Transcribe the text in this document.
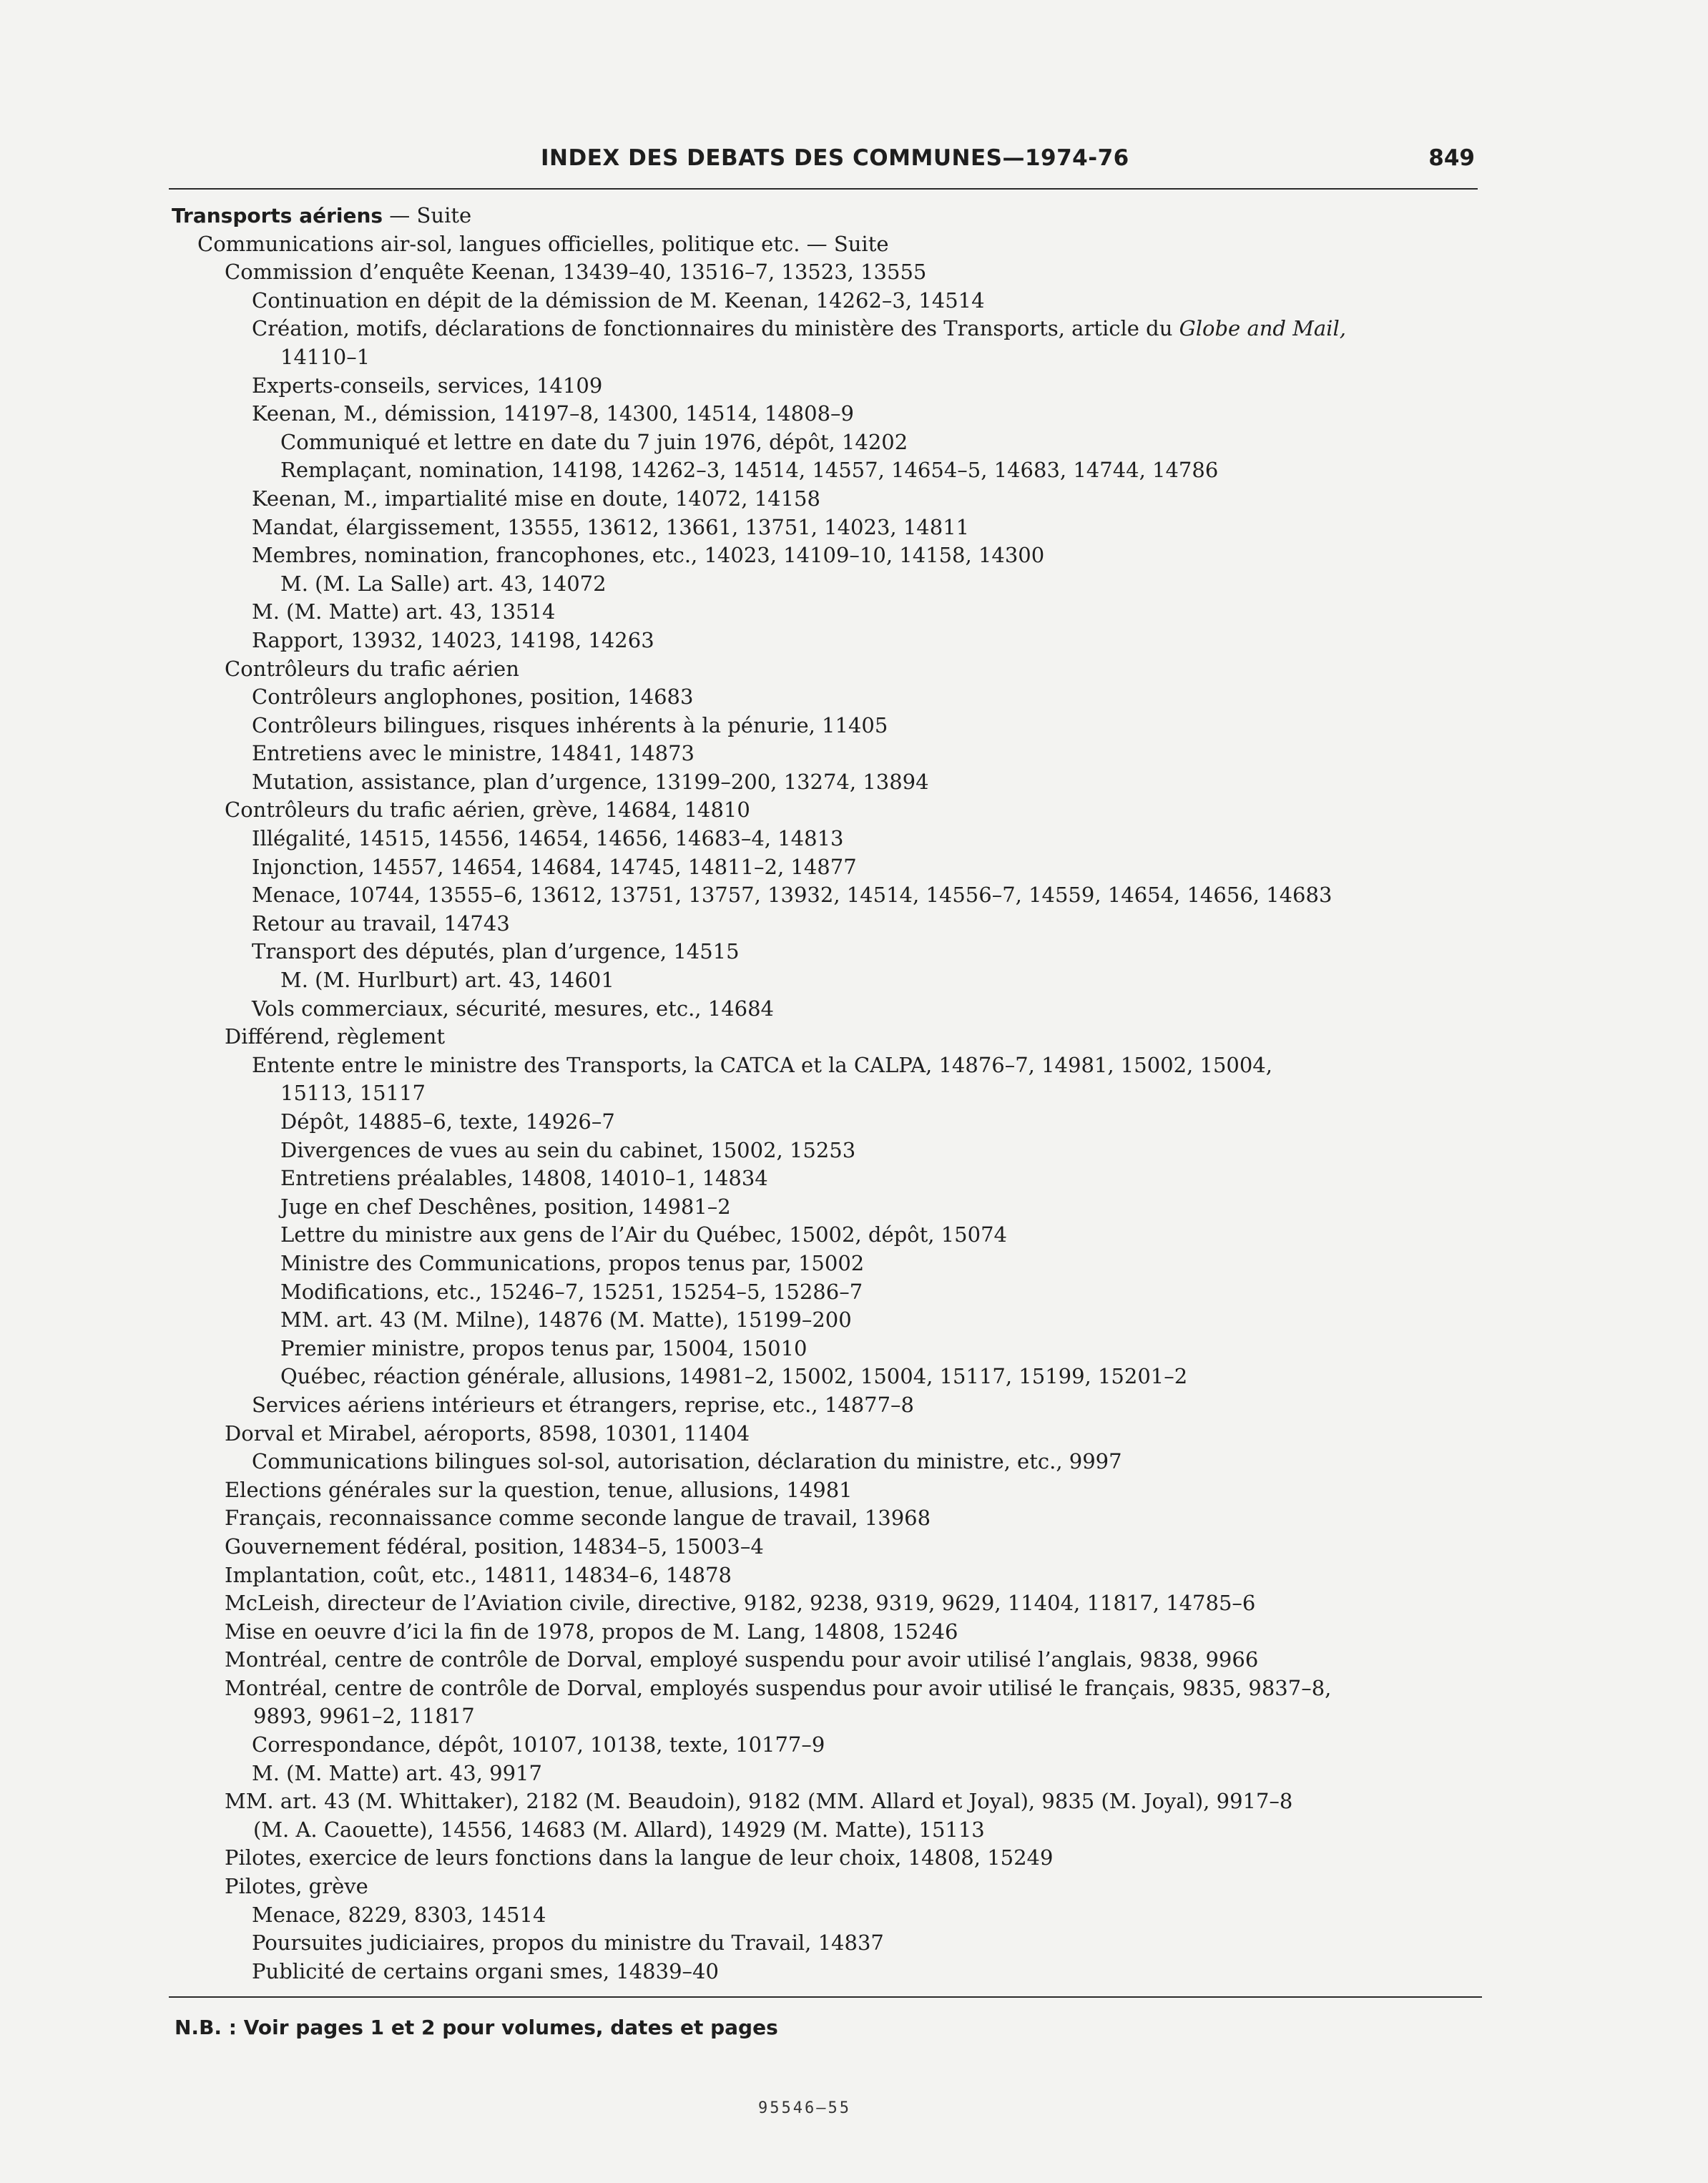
INDEX DES DEBATS DES COMMUNES—1974-76	849
Transports aériens — Suite
Communications air-sol, langues officielles, politique etc. — Suite
Commission d’enquête Keenan, 13439–40, 13516–7, 13523, 13555
Continuation en dépit de la démission de M. Keenan, 14262–3, 14514
Création, motifs, déclarations de fonctionnaires du ministère des Transports, article du Globe and Mail,
14110–1
Experts-conseils, services, 14109
Keenan, M., démission, 14197–8, 14300, 14514, 14808–9
Communiqué et lettre en date du 7 juin 1976, dépôt, 14202
Remplaçant, nomination, 14198, 14262–3, 14514, 14557, 14654–5, 14683, 14744, 14786
Keenan, M., impartialité mise en doute, 14072, 14158
Mandat, élargissement, 13555, 13612, 13661, 13751, 14023, 14811
Membres, nomination, francophones, etc., 14023, 14109–10, 14158, 14300
M. (M. La Salle) art. 43, 14072
M. (M. Matte) art. 43, 13514
Rapport, 13932, 14023, 14198, 14263
Contrôleurs du trafic aérien
Contrôleurs anglophones, position, 14683
Contrôleurs bilingues, risques inhérents à la pénurie, 11405
Entretiens avec le ministre, 14841, 14873
Mutation, assistance, plan d’urgence, 13199–200, 13274, 13894
Contrôleurs du trafic aérien, grève, 14684, 14810
Illégalité, 14515, 14556, 14654, 14656, 14683–4, 14813
Injonction, 14557, 14654, 14684, 14745, 14811–2, 14877
Menace, 10744, 13555–6, 13612, 13751, 13757, 13932, 14514, 14556–7, 14559, 14654, 14656, 14683
Retour au travail, 14743
Transport des députés, plan d’urgence, 14515
M. (M. Hurlburt) art. 43, 14601
Vols commerciaux, sécurité, mesures, etc., 14684
Différend, règlement
Entente entre le ministre des Transports, la CATCA et la CALPA, 14876–7, 14981, 15002, 15004,
15113, 15117
Dépôt, 14885–6, texte, 14926–7
Divergences de vues au sein du cabinet, 15002, 15253
Entretiens préalables, 14808, 14010–1, 14834
Juge en chef Deschênes, position, 14981–2
Lettre du ministre aux gens de l’Air du Québec, 15002, dépôt, 15074
Ministre des Communications, propos tenus par, 15002
Modifications, etc., 15246–7, 15251, 15254–5, 15286–7
MM. art. 43 (M. Milne), 14876 (M. Matte), 15199–200
Premier ministre, propos tenus par, 15004, 15010
Québec, réaction générale, allusions, 14981–2, 15002, 15004, 15117, 15199, 15201–2
Services aériens intérieurs et étrangers, reprise, etc., 14877–8
Dorval et Mirabel, aéroports, 8598, 10301, 11404
Communications bilingues sol-sol, autorisation, déclaration du ministre, etc., 9997
Elections générales sur la question, tenue, allusions, 14981
Français, reconnaissance comme seconde langue de travail, 13968
Gouvernement fédéral, position, 14834–5, 15003–4
Implantation, coût, etc., 14811, 14834–6, 14878
McLeish, directeur de l’Aviation civile, directive, 9182, 9238, 9319, 9629, 11404, 11817, 14785–6
Mise en oeuvre d’ici la fin de 1978, propos de M. Lang, 14808, 15246
Montréal, centre de contrôle de Dorval, employé suspendu pour avoir utilisé l’anglais, 9838, 9966
Montréal, centre de contrôle de Dorval, employés suspendus pour avoir utilisé le français, 9835, 9837–8,
9893, 9961–2, 11817
Correspondance, dépôt, 10107, 10138, texte, 10177–9
M. (M. Matte) art. 43, 9917
MM. art. 43 (M. Whittaker), 2182 (M. Beaudoin), 9182 (MM. Allard et Joyal), 9835 (M. Joyal), 9917–8
(M. A. Caouette), 14556, 14683 (M. Allard), 14929 (M. Matte), 15113
Pilotes, exercice de leurs fonctions dans la langue de leur choix, 14808, 15249
Pilotes, grève
Menace, 8229, 8303, 14514
Poursuites judiciaires, propos du ministre du Travail, 14837
Publicité de certains organi smes, 14839–40
N.B. : Voir pages 1 et 2 pour volumes, dates et pages
95546–55
